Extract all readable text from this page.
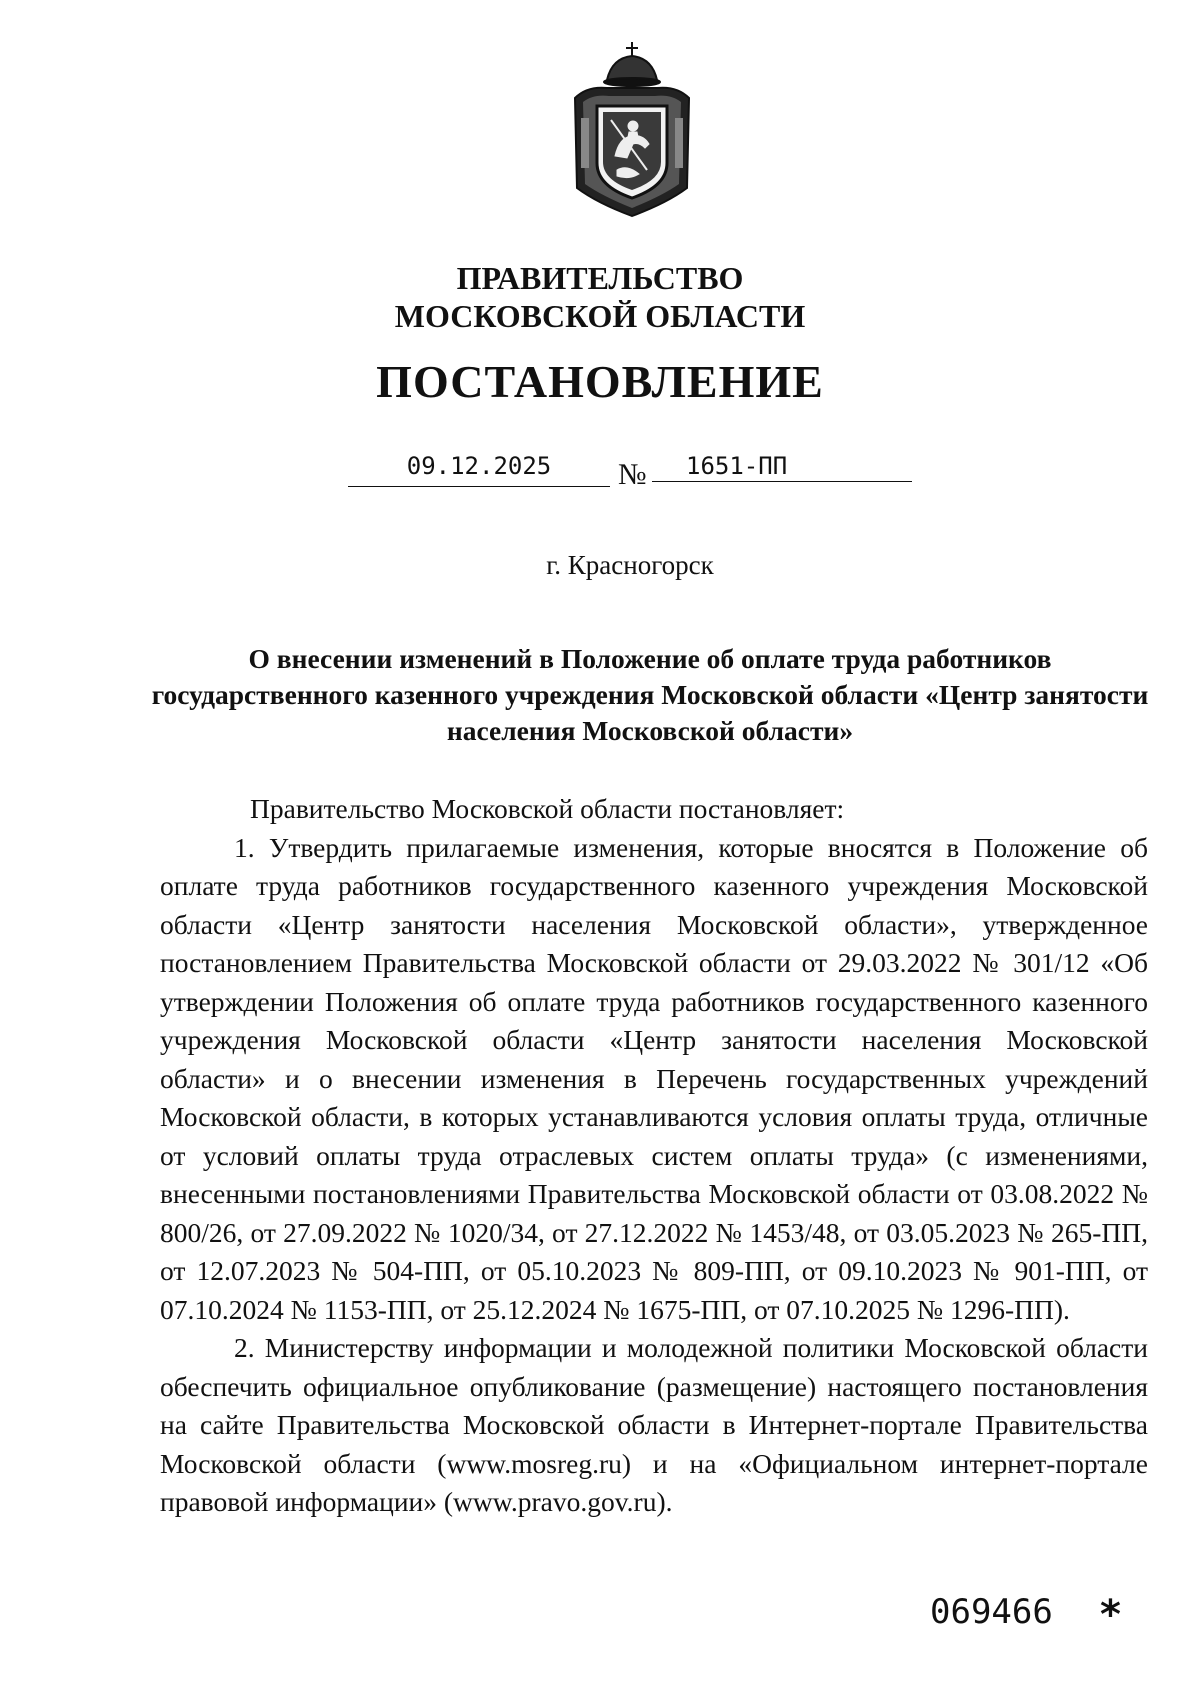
ПРАВИТЕЛЬСТВО
МОСКОВСКОЙ ОБЛАСТИ
ПОСТАНОВЛЕНИЕ
09.12.2025	№	1651-ПП
г. Красногорск
О внесении изменений в Положение об оплате труда работников государственного казенного учреждения Московской области «Центр занятости населения Московской области»

Правительство Московской области постановляет:

1. Утвердить прилагаемые изменения, которые вносятся в Положение об оплате труда работников государственного казенного учреждения Московской области «Центр занятости населения Московской области», утвержденное постановлением Правительства Московской области от 29.03.2022 № 301/12 «Об утверждении Положения об оплате труда работников государственного казенного учреждения Московской области «Центр занятости населения Московской области» и о внесении изменения в Перечень государственных учреждений Московской области, в которых устанавливаются условия оплаты труда, отличные от условий оплаты труда отраслевых систем оплаты труда» (с изменениями, внесенными постановлениями Правительства Московской области от 03.08.2022 № 800/26, от 27.09.2022 № 1020/34, от 27.12.2022 № 1453/48, от 03.05.2023 № 265-ПП, от 12.07.2023 № 504-ПП, от 05.10.2023 № 809-ПП, от 09.10.2023 № 901-ПП, от 07.10.2024 № 1153-ПП, от 25.12.2024 № 1675-ПП, от 07.10.2025 № 1296-ПП).

2. Министерству информации и молодежной политики Московской области обеспечить официальное опубликование (размещение) настоящего постановления на сайте Правительства Московской области в Интернет-портале Правительства Московской области (www.mosreg.ru) и на «Официальном интернет-портале правовой информации» (www.pravo.gov.ru).

069466 *
